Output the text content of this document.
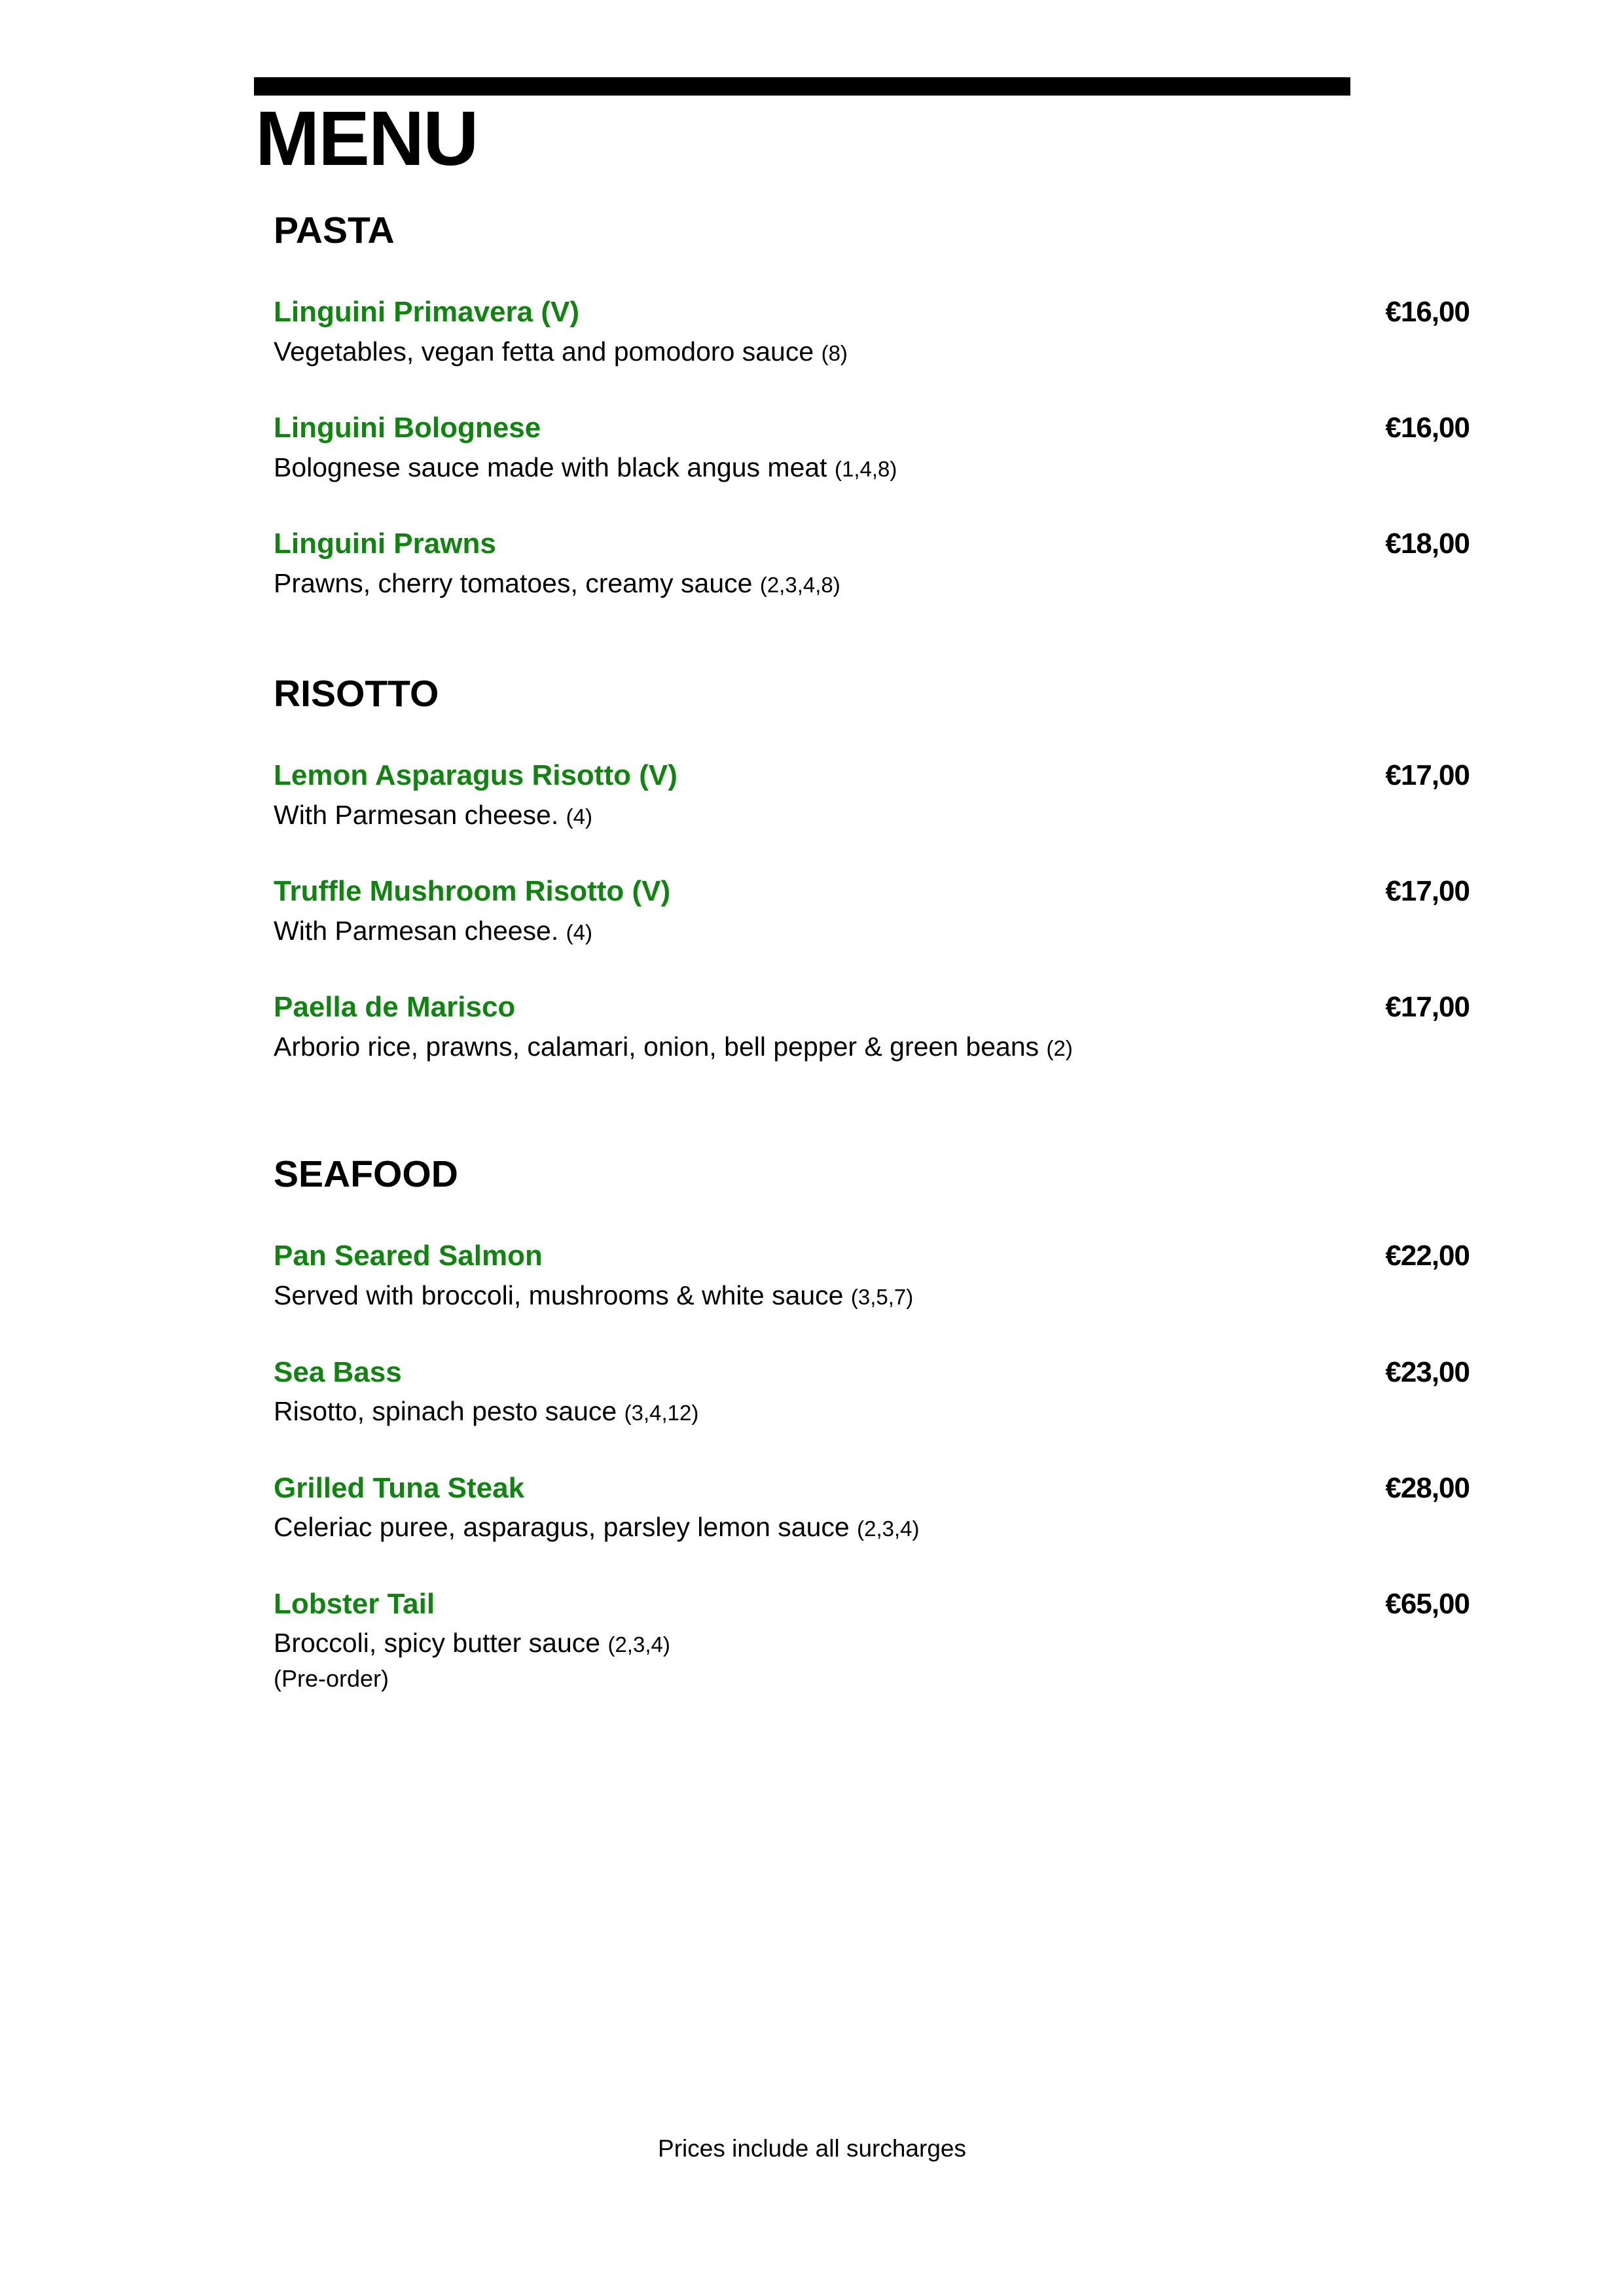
MENU
PASTA
Linguini Primavera (V)	€16,00
Vegetables, vegan fetta and pomodoro sauce (8)
Linguini Bolognese	€16,00
Bolognese sauce made with black angus meat (1,4,8)
Linguini Prawns	€18,00
Prawns, cherry tomatoes, creamy sauce (2,3,4,8)
RISOTTO
Lemon Asparagus Risotto (V)	€17,00
With Parmesan cheese. (4)
Truffle Mushroom Risotto (V)	€17,00
With Parmesan cheese. (4)
Paella de Marisco	€17,00
Arborio rice, prawns, calamari, onion, bell pepper & green beans (2)
SEAFOOD
Pan Seared Salmon	€22,00
Served with broccoli, mushrooms & white sauce (3,5,7)
Sea Bass	€23,00
Risotto, spinach pesto sauce (3,4,12)
Grilled Tuna Steak	€28,00
Celeriac puree, asparagus, parsley lemon sauce (2,3,4)
Lobster Tail	€65,00
Broccoli, spicy butter sauce (2,3,4)
(Pre-order)
Prices include all surcharges
